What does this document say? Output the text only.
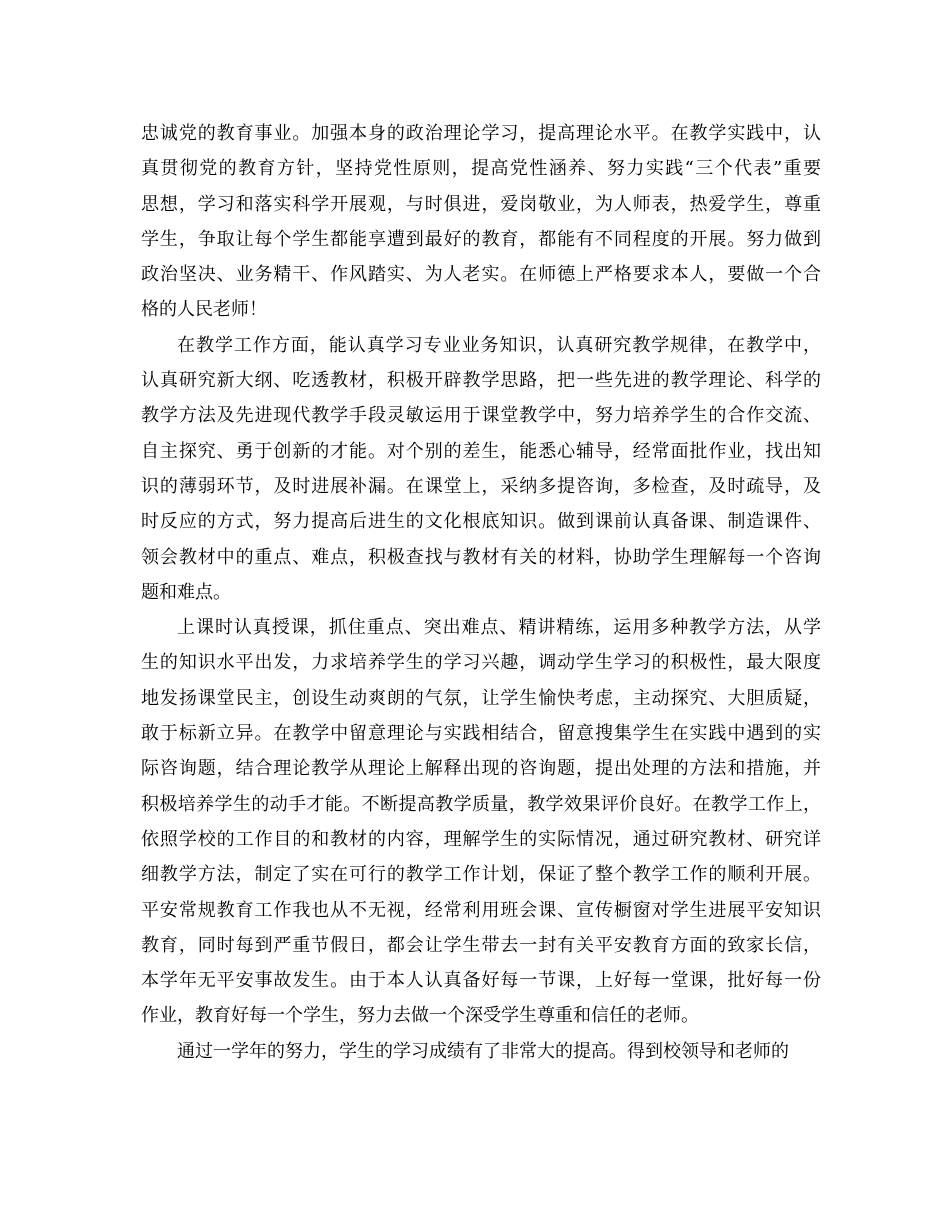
忠诚党的教育事业。加强本身的政治理论学习，提高理论水平。在教学实践中，认
真贯彻党的教育方针，坚持党性原则，提高党性涵养、努力实践“三个代表”重要
思想，学习和落实科学开展观，与时俱进，爱岗敬业，为人师表，热爱学生，尊重
学生，争取让每个学生都能享遭到最好的教育，都能有不同程度的开展。努力做到
政治坚决、业务精干、作风踏实、为人老实。在师德上严格要求本人，要做一个合
格的人民老师！
在教学工作方面，能认真学习专业业务知识，认真研究教学规律，在教学中，
认真研究新大纲、吃透教材，积极开辟教学思路，把一些先进的教学理论、科学的
教学方法及先进现代教学手段灵敏运用于课堂教学中，努力培养学生的合作交流、
自主探究、勇于创新的才能。对个别的差生，能悉心辅导，经常面批作业，找出知
识的薄弱环节，及时进展补漏。在课堂上，采纳多提咨询，多检查，及时疏导，及
时反应的方式，努力提高后进生的文化根底知识。做到课前认真备课、制造课件、
领会教材中的重点、难点，积极查找与教材有关的材料，协助学生理解每一个咨询
题和难点。
上课时认真授课，抓住重点、突出难点、精讲精练，运用多种教学方法，从学
生的知识水平出发，力求培养学生的学习兴趣，调动学生学习的积极性，最大限度
地发扬课堂民主，创设生动爽朗的气氛，让学生愉快考虑，主动探究、大胆质疑，
敢于标新立异。在教学中留意理论与实践相结合，留意搜集学生在实践中遇到的实
际咨询题，结合理论教学从理论上解释出现的咨询题，提出处理的方法和措施，并
积极培养学生的动手才能。不断提高教学质量，教学效果评价良好。在教学工作上，
依照学校的工作目的和教材的内容，理解学生的实际情况，通过研究教材、研究详
细教学方法，制定了实在可行的教学工作计划，保证了整个教学工作的顺利开展。
平安常规教育工作我也从不无视，经常利用班会课、宣传橱窗对学生进展平安知识
教育，同时每到严重节假日，都会让学生带去一封有关平安教育方面的致家长信，
本学年无平安事故发生。由于本人认真备好每一节课，上好每一堂课，批好每一份
作业，教育好每一个学生，努力去做一个深受学生尊重和信任的老师。
通过一学年的努力，学生的学习成绩有了非常大的提高。得到校领导和老师的
